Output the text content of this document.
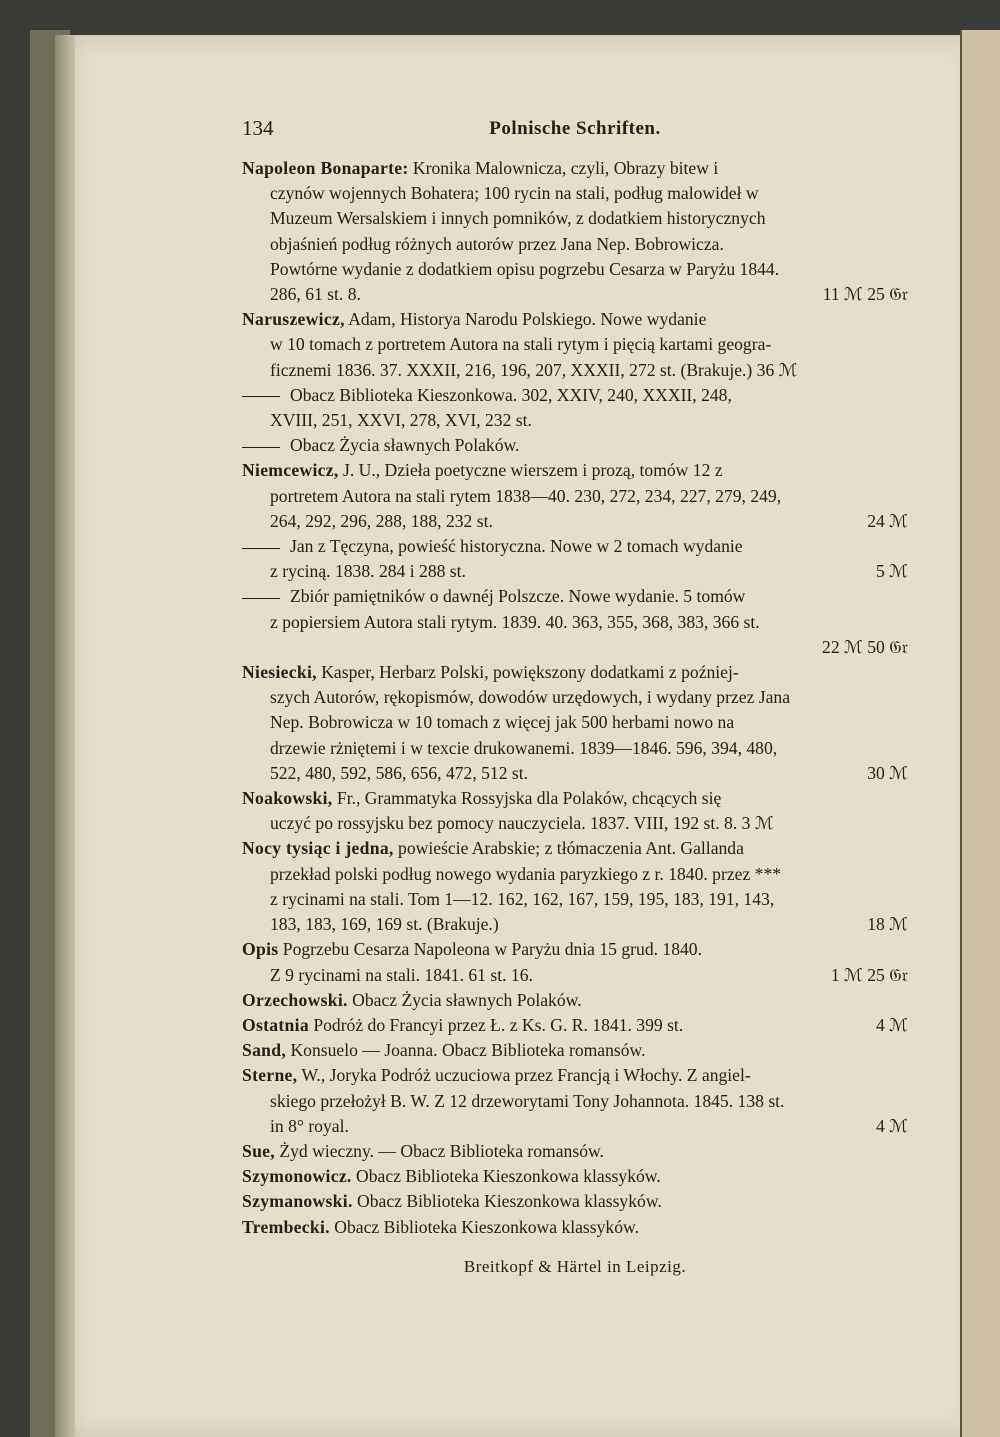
134	Polnische Schriften.
Napoleon Bonaparte: Kronika Malownicza, czyli, Obrazy bitew i
czynów wojennych Bohatera; 100 rycin na stali, podług malowideł w
Muzeum Wersalskiem i innych pomników, z dodatkiem historycznych
objaśnień podług różnych autorów przez Jana Nep. Bobrowicza.
Powtórne wydanie z dodatkiem opisu pogrzebu Cesarza w Paryżu 1844.
11 ℳ 25 𝔊𝔯
286, 61 st. 8.
Naruszewicz, Adam, Historya Narodu Polskiego. Nowe wydanie
w 10 tomach z portretem Autora na stali rytym i pięcią kartami geogra-
ficznemi 1836. 37. XXXII, 216, 196, 207, XXXII, 272 st. (Brakuje.) 36 ℳ
Obacz Biblioteka Kieszonkowa. 302, XXIV, 240, XXXII, 248,
XVIII, 251, XXVI, 278, XVI, 232 st.
Obacz Życia sławnych Polaków.
Niemcewicz, J. U., Dzieła poetyczne wierszem i prozą, tomów 12 z
portretem Autora na stali rytem 1838—40. 230, 272, 234, 227, 279, 249,
24 ℳ
264, 292, 296, 288, 188, 232 st.
Jan z Tęczyna, powieść historyczna. Nowe w 2 tomach wydanie
5 ℳ
z ryciną. 1838. 284 i 288 st.
Zbiór pamiętników o dawnéj Polszcze. Nowe wydanie. 5 tomów
z popiersiem Autora stali rytym. 1839. 40. 363, 355, 368, 383, 366 st.
22 ℳ 50 𝔊𝔯

Niesiecki, Kasper, Herbarz Polski, powiększony dodatkami z poźniej-
szych Autorów, rękopismów, dowodów urzędowych, i wydany przez Jana
Nep. Bobrowicza w 10 tomach z więcej jak 500 herbami nowo na
drzewie rżniętemi i w texcie drukowanemi. 1839—1846. 596, 394, 480,
30 ℳ
522, 480, 592, 586, 656, 472, 512 st.
Noakowski, Fr., Grammatyka Rossyjska dla Polaków, chcących się
uczyć po rossyjsku bez pomocy nauczyciela. 1837. VIII, 192 st. 8. 3 ℳ
Nocy tysiąc i jedna, powieście Arabskie; z tłómaczenia Ant. Gallanda
przekład polski podług nowego wydania paryzkiego z r. 1840. przez ***
z rycinami na stali. Tom 1—12. 162, 162, 167, 159, 195, 183, 191, 143,
18 ℳ
183, 183, 169, 169 st. (Brakuje.)
Opis Pogrzebu Cesarza Napoleona w Paryżu dnia 15 grud. 1840.
1 ℳ 25 𝔊𝔯
Z 9 rycinami na stali. 1841. 61 st. 16.
Orzechowski. Obacz Życia sławnych Polaków.
Ostatnia	4 ℳ
Podróż do Francyi przez Ł. z Ks. G. R. 1841. 399 st.
Sand, Konsuelo — Joanna. Obacz Biblioteka romansów.
Sterne, W., Joryka Podróż uczuciowa przez Francją i Włochy. Z angiel-
skiego przełożył B. W. Z 12 drzeworytami Tony Johannota. 1845. 138 st.
4 ℳ
in 8° royal.
Sue, Żyd wieczny. — Obacz Biblioteka romansów.
Szymonowicz. Obacz Biblioteka Kieszonkowa klassyków.
Szymanowski. Obacz Biblioteka Kieszonkowa klassyków.
Trembecki. Obacz Biblioteka Kieszonkowa klassyków.
Breitkopf & Härtel in Leipzig.
